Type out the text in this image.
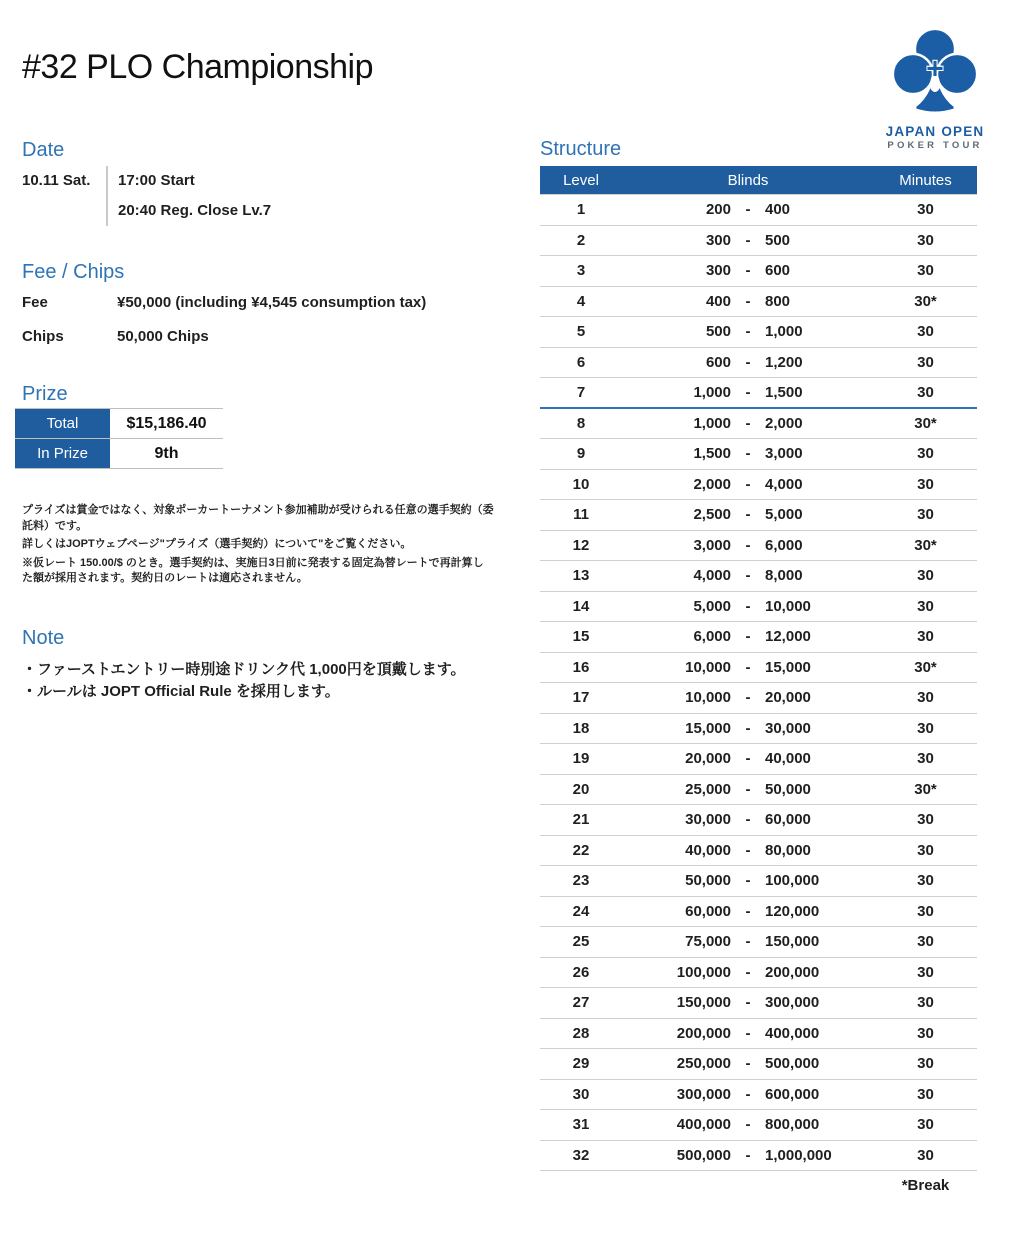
#32 PLO Championship
JAPAN OPEN
POKER TOUR
Date
10.11 Sat. 17:00 Start
20:40 Reg. Close Lv.7
Fee / Chips
Fee	¥50,000 (including ¥4,545 consumption tax)
Chips	50,000 Chips
Prize
Total	$15,186.40
In Prize	9th

プライズは賞金ではなく、対象ポーカートーナメント参加補助が受けられる任意の選手契約（委託料）です。

詳しくはJOPTウェブページ"プライズ（選手契約）について"をご覧ください。

※仮レート 150.00/$ のとき。選手契約は、実施日3日前に発表する固定為替レートで再計算した額が採用されます。契約日のレートは適応されません。

Note
・ファーストエントリー時別途ドリンク代 1,000円を頂戴します。
・ルールは JOPT Official Rule を採用します。
Structure
Level	Blinds	Minutes
1	200 - 400	30
2	300 - 500	30
3	300 - 600	30
4	400 - 800	30*
5	500 - 1,000	30
6	600 - 1,200	30
7	1,000 - 1,500	30
8	1,000 - 2,000	30*
9	1,500 - 3,000	30
10	2,000 - 4,000	30
11	2,500 - 5,000	30
12	3,000 - 6,000	30*
13	4,000 - 8,000	30
14	5,000 - 10,000	30
15	6,000 - 12,000	30
16	10,000 - 15,000	30*
17	10,000 - 20,000	30
18	15,000 - 30,000	30
19	20,000 - 40,000	30
20	25,000 - 50,000	30*
21	30,000 - 60,000	30
22	40,000 - 80,000	30
23	50,000 - 100,000	30
24	60,000 - 120,000	30
25	75,000 - 150,000	30
26	100,000 - 200,000	30
27	150,000 - 300,000	30
28	200,000 - 400,000	30
29	250,000 - 500,000	30
30	300,000 - 600,000	30
31	400,000 - 800,000	30
32	500,000 - 1,000,000	30
*Break
